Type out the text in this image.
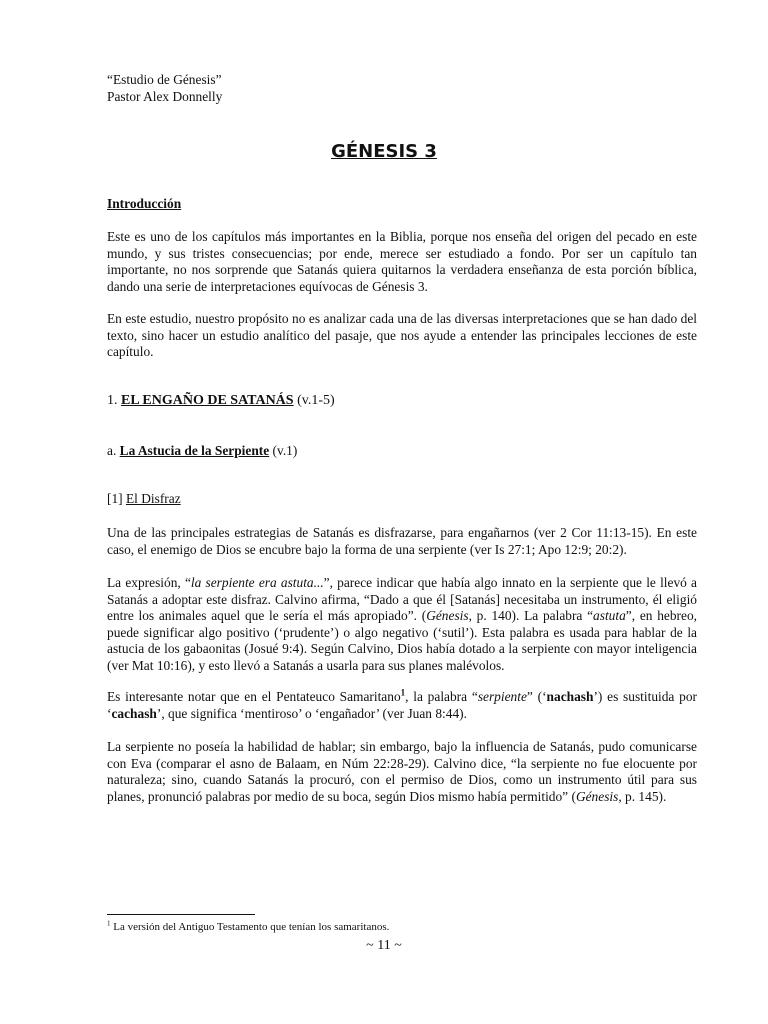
“Estudio de Génesis”
Pastor Alex Donnelly
GÉNESIS 3
Introducción
Este es uno de los capítulos más importantes en la Biblia, porque nos enseña del origen del pecado en este mundo, y sus tristes consecuencias; por ende, merece ser estudiado a fondo. Por ser un capítulo tan importante, no nos sorprende que Satanás quiera quitarnos la verdadera enseñanza de esta porción bíblica, dando una serie de interpretaciones equívocas de Génesis 3.
En este estudio, nuestro propósito no es analizar cada una de las diversas interpretaciones que se han dado del texto, sino hacer un estudio analítico del pasaje, que nos ayude a entender las principales lecciones de este capítulo.
1. EL ENGAÑO DE SATANÁS (v.1-5)
a. La Astucia de la Serpiente (v.1)
[1] El Disfraz
Una de las principales estrategias de Satanás es disfrazarse, para engañarnos (ver 2 Cor 11:13-15). En este caso, el enemigo de Dios se encubre bajo la forma de una serpiente (ver Is 27:1; Apo 12:9; 20:2).
La expresión, “la serpiente era astuta...”, parece indicar que había algo innato en la serpiente que le llevó a Satanás a adoptar este disfraz. Calvino afirma, “Dado a que él [Satanás] necesitaba un instrumento, él eligió entre los animales aquel que le sería el más apropiado”. (Génesis, p. 140). La palabra “astuta”, en hebreo, puede significar algo positivo (‘prudente’) o algo negativo (‘sutil’). Esta palabra es usada para hablar de la astucia de los gabaonitas (Josué 9:4). Según Calvino, Dios había dotado a la serpiente con mayor inteligencia (ver Mat 10:16), y esto llevó a Satanás a usarla para sus planes malévolos.
Es interesante notar que en el Pentateuco Samaritano$^1$, la palabra “serpiente” (‘nachash’) es sustituida por ‘cachash’, que significa ‘mentiroso’ o ‘engañador’ (ver Juan 8:44).
La serpiente no poseía la habilidad de hablar; sin embargo, bajo la influencia de Satanás, pudo comunicarse con Eva (comparar el asno de Balaam, en Núm 22:28-29). Calvino dice, “la serpiente no fue elocuente por naturaleza; sino, cuando Satanás la procuró, con el permiso de Dios, como un instrumento útil para sus planes, pronunció palabras por medio de su boca, según Dios mismo había permitido” (Génesis, p. 145).
$^1$ La versión del Antiguo Testamento que tenían los samaritanos.
~ 11 ~
